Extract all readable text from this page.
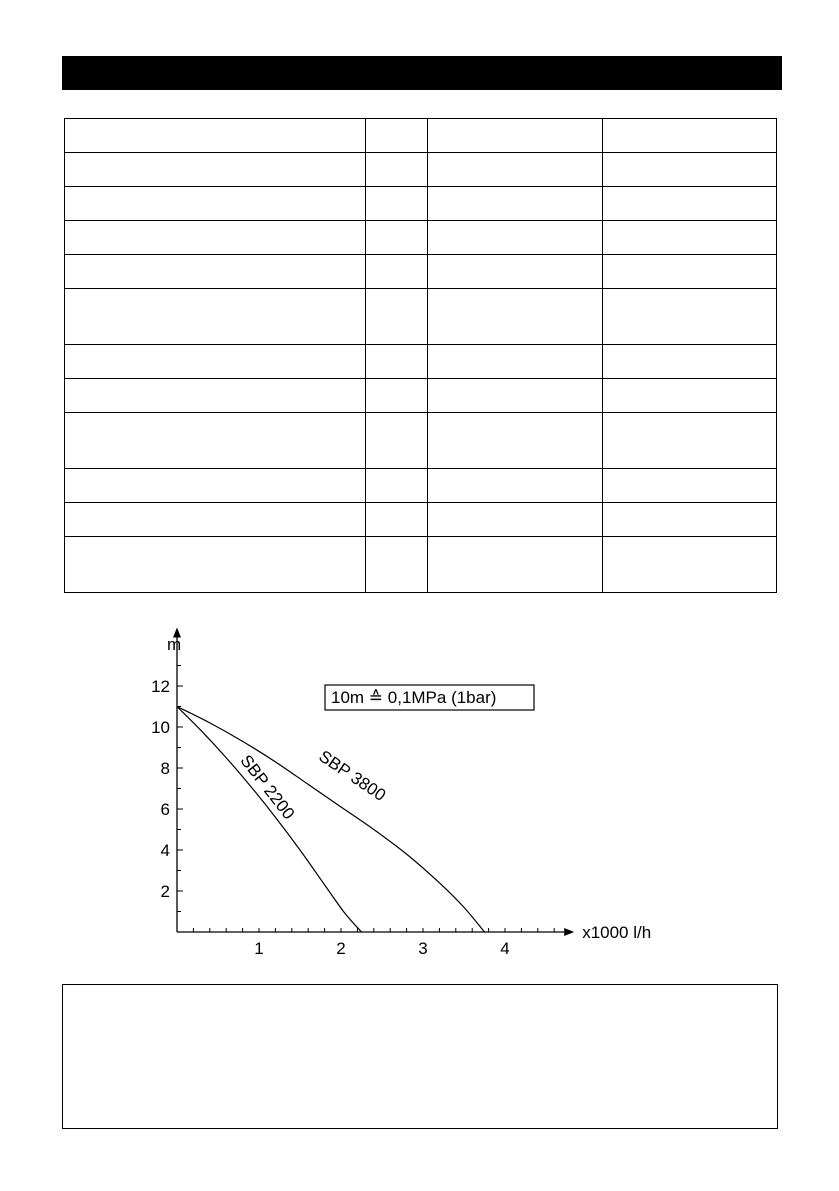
1	2	3	4
2
4
6
8
10
12
SBP 2200 SBP 3800
m
x1000 l/h
10m ≙ 0,1MPa (1bar)
